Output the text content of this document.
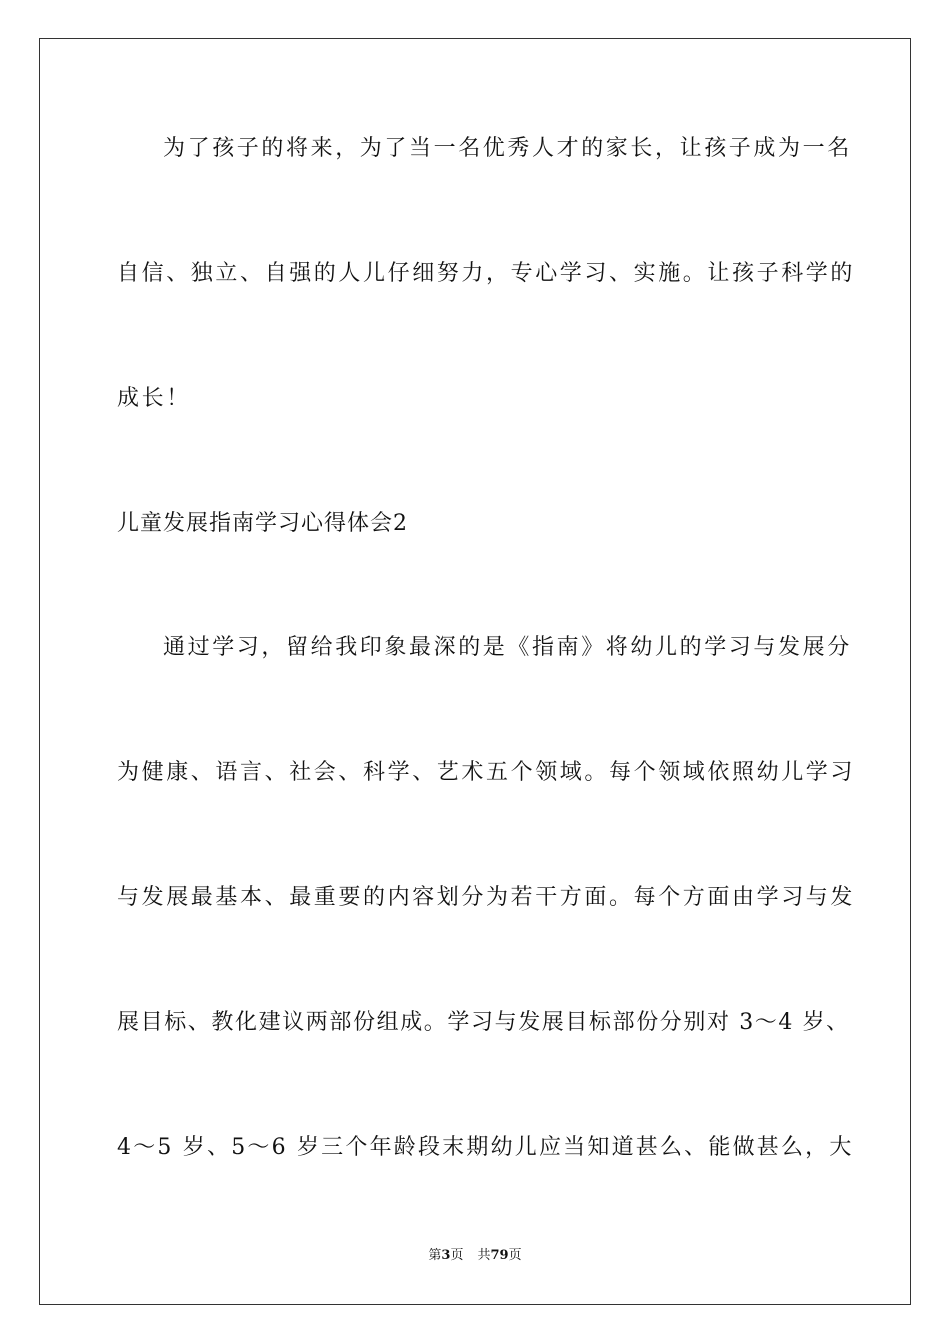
为了孩子的将来，为了当一名优秀人才的家长，让孩子成为一名
自信、独立、自强的人儿仔细努力，专心学习、实施。让孩子科学的
成长！
儿童发展指南学习心得体会2
通过学习，留给我印象最深的是《指南》将幼儿的学习与发展分
为健康、语言、社会、科学、艺术五个领域。每个领域依照幼儿学习
与发展最基本、最重要的内容划分为若干方面。每个方面由学习与发
展目标、教化建议两部份组成。学习与发展目标部份分别对 3～4 岁、
4～5 岁、5～6 岁三个年龄段末期幼儿应当知道甚么、能做甚么，大
第3页 共79页
